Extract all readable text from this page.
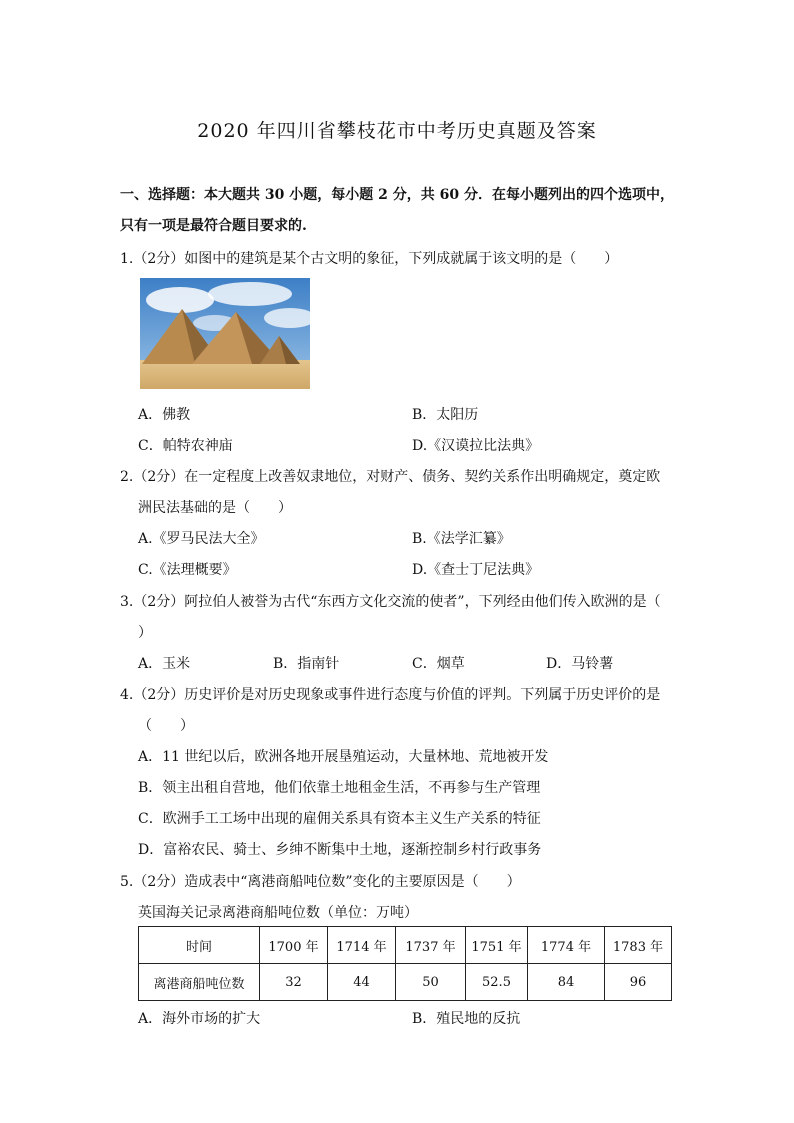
2020 年四川省攀枝花市中考历史真题及答案
一、选择题：本大题共 30 小题，每小题 2 分，共 60 分．在每小题列出的四个选项中，只有一项是最符合题目要求的.
1.（2分）如图中的建筑是某个古文明的象征，下列成就属于该文明的是（　　）
A．佛教	B．太阳历
C．帕特农神庙	D.《汉谟拉比法典》
2.（2分）在一定程度上改善奴隶地位，对财产、债务、契约关系作出明确规定，奠定欧
洲民法基础的是（　　）
A.《罗马民法大全》	B.《法学汇纂》
C.《法理概要》	D.《查士丁尼法典》
3.（2分）阿拉伯人被誉为古代“东西方文化交流的使者”，下列经由他们传入欧洲的是（
）
A．玉米	B．指南针	C．烟草	D．马铃薯
4.（2分）历史评价是对历史现象或事件进行态度与价值的评判。下列属于历史评价的是
（　　）
A．11 世纪以后，欧洲各地开展垦殖运动，大量林地、荒地被开发
B．领主出租自营地，他们依靠土地租金生活，不再参与生产管理
C．欧洲手工工场中出现的雇佣关系具有资本主义生产关系的特征
D．富裕农民、骑士、乡绅不断集中土地，逐渐控制乡村行政事务
5.（2分）造成表中“离港商船吨位数”变化的主要原因是（　　）
英国海关记录离港商船吨位数（单位：万吨）
时间	1700 年	1714 年	1737 年	1751 年	1774 年	1783 年
离港商船吨位数	32	44	50	52.5	84	96
A．海外市场的扩大	B．殖民地的反抗
